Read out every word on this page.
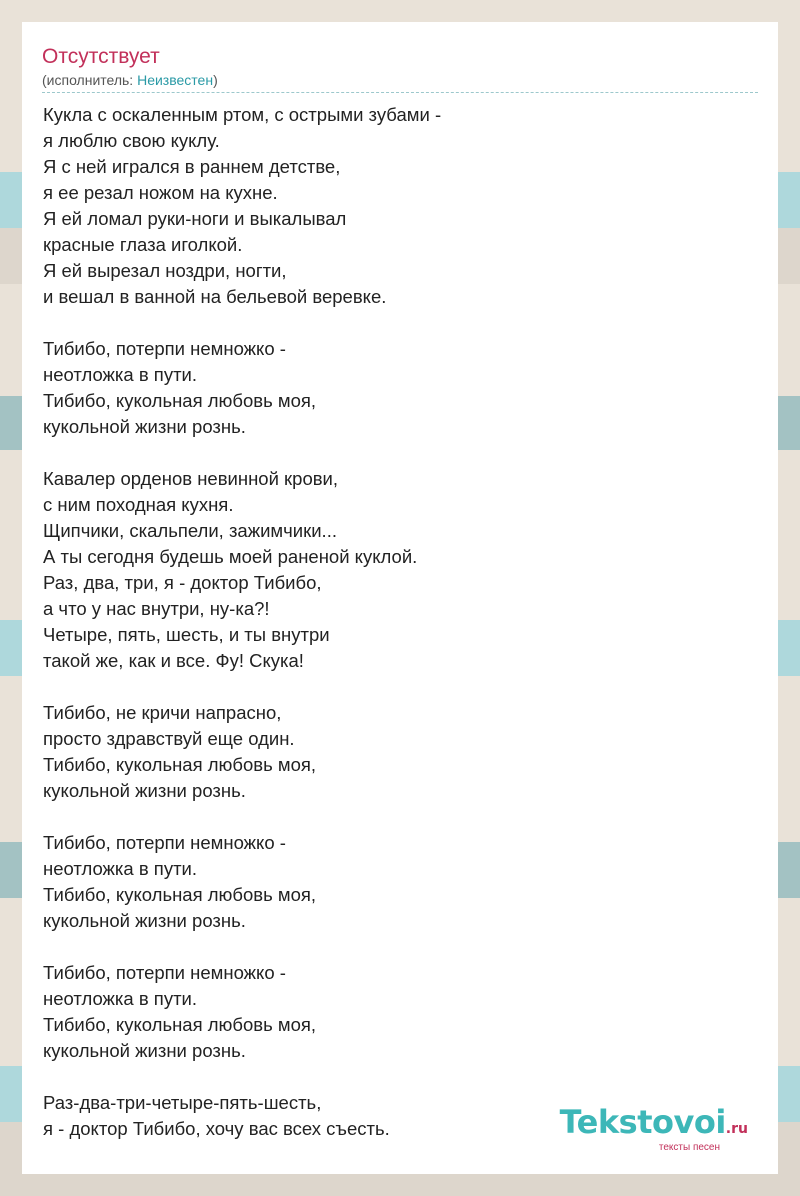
Отсутствует
(исполнитель: Неизвестен)
Кукла с оскаленным ртом, с острыми зубами -
я люблю свою куклу.
Я с ней игрался в раннем детстве,
я ее резал ножом на кухне.
Я ей ломал руки-ноги и выкалывал
красные глаза иголкой.
Я ей вырезал ноздри, ногти,
и вешал в ванной на бельевой веревке.
Тибибо, потерпи немножко -
неотложка в пути.
Тибибо, кукольная любовь моя,
кукольной жизни рознь.
Кавалер орденов невинной крови,
с ним походная кухня.
Щипчики, скальпели, зажимчики...
А ты сегодня будешь моей раненой куклой.
Раз, два, три, я - доктор Тибибо,
а что у нас внутри, ну-ка?!
Четыре, пять, шесть, и ты внутри
такой же, как и все. Фу! Скука!
Тибибо, не кричи напрасно,
просто здравствуй еще один.
Тибибо, кукольная любовь моя,
кукольной жизни рознь.
Тибибо, потерпи немножко -
неотложка в пути.
Тибибо, кукольная любовь моя,
кукольной жизни рознь.
Тибибо, потерпи немножко -
неотложка в пути.
Тибибо, кукольная любовь моя,
кукольной жизни рознь.
Раз-два-три-четыре-пять-шесть,
я - доктор Тибибо, хочу вас всех съесть.	Tekstovoi.ru
тексты песен
